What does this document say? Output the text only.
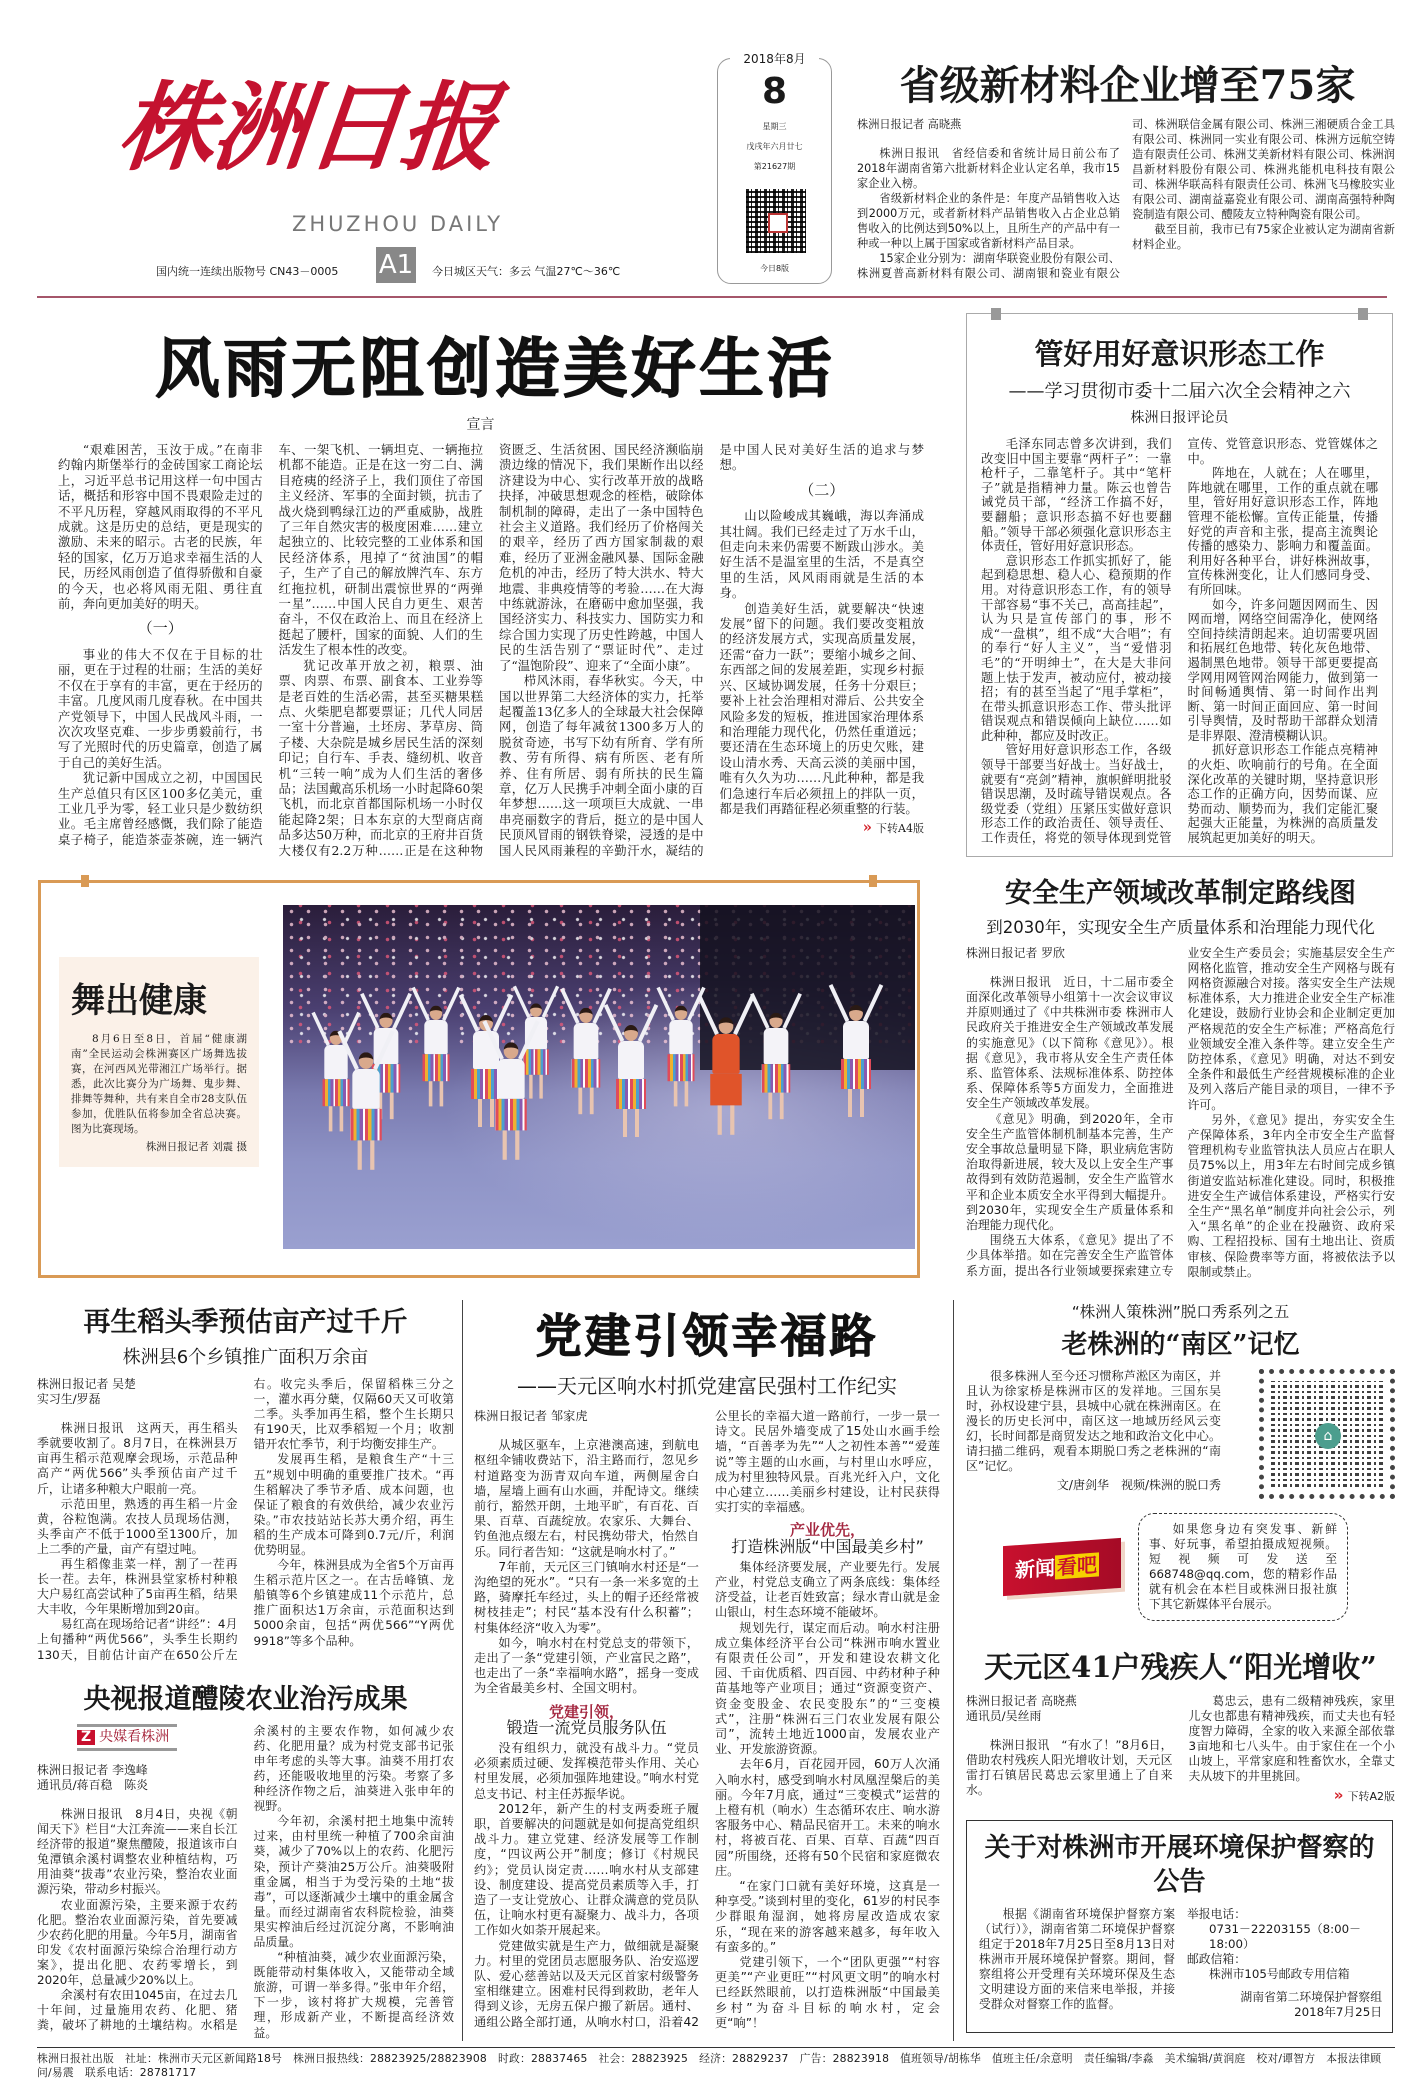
株洲日报
ZHUZHOU DAILY
国内统一连续出版物号 CN43－0005 A1 今日城区天气：多云 气温27℃～36℃
2018年8月
8
星期三
戊戌年六月廿七
第21627期
今日8版
省级新材料企业增至75家
株洲日报记者 高晓燕

株洲日报讯　省经信委和省统计局日前公布了2018年湖南省第六批新材料企业认定名单，我市15家企业入榜。

省级新材料企业的条件是：年度产品销售收入达到2000万元，或者新材料产品销售收入占企业总销售收入的比例达到50%以上，且所生产的产品中有一种或一种以上属于国家或省新材料产品目录。

15家企业分别为：湖南华联瓷业股份有限公司、株洲夏普高新材料有限公司、湖南银和瓷业有限公司、株洲联信金属有限公司、株洲三湘硬质合金工具有限公司、株洲同一实业有限公司、株洲方远航空铸造有限责任公司、株洲艾美新材料有限公司、株洲润昌新材料股份有限公司、株洲兆能机电科技有限公司、株洲华联高科有限责任公司、株洲飞马橡胶实业有限公司、湖南益嘉瓷业有限公司、湖南高强特种陶瓷制造有限公司、醴陵友立特种陶瓷有限公司。

截至目前，我市已有75家企业被认定为湖南省新材料企业。

风雨无阻创造美好生活
宣言

“艰难困苦，玉汝于成。”在南非约翰内斯堡举行的金砖国家工商论坛上，习近平总书记用这样一句中国古话，概括和形容中国不畏艰险走过的不平凡历程，穿越风雨取得的不平凡成就。这是历史的总结，更是现实的激励、未来的昭示。古老的民族，年轻的国家，亿万万追求幸福生活的人民，历经风雨创造了值得骄傲和自豪的今天，也必将风雨无阻、勇往直前，奔向更加美好的明天。

（一）

事业的伟大不仅在于目标的壮丽，更在于过程的壮丽；生活的美好不仅在于享有的丰富，更在于经历的丰富。几度风雨几度春秋。在中国共产党领导下，中国人民战风斗雨，一次次攻坚克难、一步步勇毅前行，书写了光照时代的历史篇章，创造了属于自己的美好生活。

犹记新中国成立之初，中国国民生产总值只有区区100多亿美元，重工业几乎为零，轻工业只是少数纺织业。毛主席曾经感慨，我们除了能造桌子椅子，能造茶壶茶碗，连一辆汽车、一架飞机、一辆坦克、一辆拖拉机都不能造。正是在这一穷二白、满目疮痍的经济子上，我们顶住了帝国主义经济、军事的全面封锁，抗击了战火烧到鸭绿江边的严重威胁，战胜了三年自然灾害的极度困难……建立起独立的、比较完整的工业体系和国民经济体系，甩掉了“贫油国”的帽子，生产了自己的解放牌汽车、东方红拖拉机，研制出震惊世界的“两弹一星”……中国人民自力更生、艰苦奋斗，不仅在政治上、而且在经济上挺起了腰杆，国家的面貌、人们的生活发生了根本性的改变。

犹记改革开放之初，粮票、油票、肉票、布票、副食本、工业券等是老百姓的生活必需，甚至买糖果糕点、火柴肥皂都要票证；几代人同居一室十分普遍，土坯房、茅草房、筒子楼、大杂院是城乡居民生活的深刻印记；自行车、手表、缝纫机、收音机“三转一响”成为人们生活的奢侈品；法国戴高乐机场一小时起降60架飞机，而北京首都国际机场一小时仅能起降2架；日本东京的大型商店商品多达50万种，而北京的王府井百货大楼仅有2.2万种……正是在这种物资匮乏、生活贫困、国民经济濒临崩溃边缘的情况下，我们果断作出以经济建设为中心、实行改革开放的战略抉择，冲破思想观念的桎梏，破除体制机制的障碍，走出了一条中国特色社会主义道路。我们经历了价格闯关的艰辛，经历了西方国家制裁的艰难，经历了亚洲金融风暴、国际金融危机的冲击，经历了特大洪水、特大地震、非典疫情等的考验……在大海中练就游泳，在磨砺中愈加坚强，我国经济实力、科技实力、国防实力和综合国力实现了历史性跨越，中国人民的生活告别了“票证时代”、走过了“温饱阶段”、迎来了“全面小康”。

栉风沐雨，春华秋实。今天，中国以世界第二大经济体的实力，托举起覆盖13亿多人的全球最大社会保障网，创造了每年减贫1300多万人的脱贫奇迹，书写下幼有所育、学有所教、劳有所得、病有所医、老有所养、住有所居、弱有所扶的民生篇章，亿万人民携手冲刺全面小康的百年梦想……这一项项巨大成就、一串串亮丽数字的背后，挺立的是中国人民顶风冒雨的钢铁脊梁，浸透的是中国人民风雨兼程的辛勤汗水，凝结的是中国人民对美好生活的追求与梦想。

（二）

山以险峻成其巍峨，海以奔涌成其壮阔。我们已经走过了万水千山，但走向未来仍需要不断跋山涉水。美好生活不是温室里的生活，不是真空里的生活，风风雨雨就是生活的本身。

创造美好生活，就要解决“快速发展”留下的问题。我们要改变粗放的经济发展方式，实现高质量发展，还需“奋力一跃”；要缩小城乡之间、东西部之间的发展差距，实现乡村振兴、区域协调发展，任务十分艰巨；要补上社会治理相对滞后、公共安全风险多发的短板，推进国家治理体系和治理能力现代化，仍然任重道远；要还清在生态环境上的历史欠账，建设山清水秀、天高云淡的美丽中国，唯有久久为功……凡此种种，都是我们急速行车后必须扭上的拌队一页，都是我们再踏征程必须重整的行装。

» 下转A4版
舞出健康
8月6日至8日，首届“健康湖南”全民运动会株洲赛区广场舞选拔赛，在河西风光带湘江广场举行。据悉，此次比赛分为广场舞、鬼步舞、排舞等舞种，共有来自全市28支队伍参加，优胜队伍将参加全省总决赛。图为比赛现场。
株洲日报记者 刘震 摄
再生稻头季预估亩产过千斤
株洲县6个乡镇推广面积万余亩
株洲日报记者 吴楚
实习生/罗磊

株洲日报讯　这两天，再生稻头季就要收割了。8月7日，在株洲县万亩再生稻示范观摩会现场，示范品种高产“两优566”头季预估亩产过千斤，让诸多种粮大户眼前一亮。

示范田里，熟透的再生稻一片金黄，谷粒饱满。农技人员现场估测，头季亩产不低于1000至1300斤，加上二季的产量，亩产有望过吨。

再生稻像韭菜一样，割了一茬再长一茬。去年，株洲县堂家桥村种粮大户易红高尝试种了5亩再生稻，结果大丰收，今年果断增加到20亩。

易红高在现场给记者“讲经”：4月上旬播种“两优566”，头季生长期约130天，目前估计亩产在650公斤左右。收完头季后，保留稻株三分之一，灌水再分蘖，仅隔60天又可收第二季。头季加再生稻，整个生长期只有190天，比双季稻短一个月；收割错开农忙季节，利于均衡安排生产。

发展再生稻，是粮食生产“十三五”规划中明确的重要推广技术。“再生稻解决了季节矛盾、成本问题，也保证了粮食的有效供给，减少农业污染。”市农技站站长苏大勇介绍，再生稻的生产成本可降到0.7元/斤，利润优势明显。

今年，株洲县成为全省5个万亩再生稻示范片区之一。在古岳峰镇、龙船镇等6个乡镇建成11个示范片，总推广面积达1万余亩，示范面积达到5000余亩，包括“两优566”“Y两优9918”等多个品种。

央视报道醴陵农业治污成果
Z 央媒看株洲
株洲日报记者 李逸峰
通讯员/蒋百稳　陈炎

株洲日报讯　8月4日，央视《朝闻天下》栏目“大江奔流——来自长江经济带的报道”聚焦醴陵，报道该市白兔潭镇余溪村调整农业种植结构，巧用油葵“拔毒”农业污染，整治农业面源污染，带动乡村振兴。

农业面源污染，主要来源于农药化肥。整治农业面源污染，首先要减少农药化肥的用量。今年5月，湖南省印发《农村面源污染综合治理行动方案》，提出化肥、农药零增长，到2020年，总量减少20%以上。

余溪村有农田1045亩，在过去几十年间，过量施用农药、化肥、猪粪，破坏了耕地的土壤结构。水稻是余溪村的主要农作物，如何减少农药、化肥用量？成为村党支部书记张申年考虑的头等大事。油葵不用打农药，还能吸收地里的污染。考察了多种经济作物之后，油葵进入张申年的视野。

今年初，余溪村把土地集中流转过来，由村里统一种植了700余亩油葵，减少了70%以上的农药、化肥污染，预计产葵油25万公斤。油葵吸附重金属，相当于为受污染的土地“拔毒”，可以逐渐减少土壤中的重金属含量。而经过湖南省农科院检验，油葵果实榨油后经过沉淀分离，不影响油品质量。

“种植油葵，减少农业面源污染，既能带动村集体收入，又能带动全域旅游，可谓一举多得。”张申年介绍，下一步，该村将扩大规模，完善管理，形成新产业，不断提高经济效益。

党建引领幸福路
——天元区响水村抓党建富民强村工作纪实
株洲日报记者 邹家虎

从城区驱车，上京港澳高速，到航电枢纽伞铺收费站下，沿主路而行，忽见乡村道路变为沥青双向车道，两侧屋舍白墙，屋墙上画有山水画，并配诗文。继续前行，豁然开朗，土地平旷，有百花、百果、百草、百蔬绽放。农家乐、大舞台、钓鱼池点缀左右，村民携幼带犬，怡然自乐。同行者告知：“这就是响水村了。”

7年前，天元区三门镇响水村还是“一沟绝望的死水”。“只有一条一米多宽的土路，骑摩托车经过，头上的帽子还经常被树枝挂走”；村民“基本没有什么积蓄”；村集体经济“收入为零”。

如今，响水村在村党总支的带领下，走出了一条“党建引领，产业富民之路”，也走出了一条“幸福响水路”，摇身一变成为全省最美乡村、全国文明村。

党建引领，
锻造一流党员服务队伍

没有组织力，就没有战斗力。“党员必须素质过硬、发挥模范带头作用、关心村里发展，必须加强阵地建设。”响水村党总支书记、村主任苏振华说。

2012年，新产生的村支两委班子履职，首要解决的问题就是如何提高党组织战斗力。建立党建、经济发展等工作制度，“四议两公开”制度；修订《村规民约》；党员认岗定责……响水村从支部建设、制度建设、提高党员素质等入手，打造了一支让党放心、让群众满意的党员队伍，让响水村更有凝聚力、战斗力，各项工作如火如荼开展起来。

党建做实就是生产力，做细就是凝聚力。村里的党团员志愿服务队、治安巡逻队、爱心慈善站以及天元区首家村级警务室相继建立。困难村民得到救助，老年人得到义诊，无房五保户搬了新居。通村、通组公路全部打通，从响水村口，沿着42公里长的幸福大道一路前行，一步一景一诗文。民居外墙变成了15处山水画手绘墙，“百善孝为先”“人之初性本善”“爱莲说”等主题的山水画，与村里山水呼应，成为村里独特风景。百兆光纤入户，文化中心建立……美丽乡村建设，让村民获得实打实的幸福感。

产业优先，
打造株洲版“中国最美乡村”

集体经济要发展，产业要先行。发展产业，村党总支确立了两条底线：集体经济受益，让老百姓致富；绿水青山就是金山银山，村生态环境不能破坏。

规划先行，谋定而后动。响水村注册成立集体经济平台公司“株洲市响水置业有限责任公司”，开发和建设农耕文化园、千亩优质稻、四百园、中药材种子种苗基地等产业项目；通过“资源变资产、资金变股金、农民变股东”的“三变模式”，注册“株洲石三门农业发展有限公司”，流转土地近1000亩，发展农业产业、开发旅游资源。

去年6月，百花园开园，60万人次涌入响水村，感受到响水村凤凰涅槃后的美丽。今年7月底，通过“三变模式”运营的上橙有机（响水）生态循环农庄、响水游客服务中心、精品民宿开工。未来的响水村，将被百花、百果、百草、百蔬“四百园”所围绕，还将有50个民宿和家庭微农庄。

“在家门口就有美好环境，这真是一种享受。”谈到村里的变化，61岁的村民李少群眼角湿润，她将房屋改造成农家乐，“现在来的游客越来越多，每年收入有蛮多的。”

党建引领下，一个“团队更强”“村容更美”“产业更旺”“村风更文明”的响水村已经跃然眼前，以打造株洲版“中国最美乡村”为奋斗目标的响水村，定会更“响”！

管好用好意识形态工作
——学习贯彻市委十二届六次全会精神之六
株洲日报评论员

毛泽东同志曾多次讲到，我们改变旧中国主要靠“两杆子”：一靠枪杆子，二靠笔杆子。其中“笔杆子”就是指精神力量。陈云也曾告诫党员干部，“经济工作搞不好，要翻船；意识形态搞不好也要翻船。”领导干部必须强化意识形态主体责任，管好用好意识形态。

意识形态工作抓实抓好了，能起到稳思想、稳人心、稳预期的作用。对待意识形态工作，有的领导干部容易“事不关己，高高挂起”，认为只是宣传部门的事，形不成“一盘棋”，组不成“大合唱”；有的奉行“好人主义”，当“爱惜羽毛”的“开明绅士”，在大是大非问题上怯于发声，被动应付，被动接招；有的甚至当起了“甩手掌柜”，在带头抓意识形态工作、带头批评错误观点和错误倾向上缺位……如此种种，都应及时改正。

管好用好意识形态工作，各级领导干部要当好战士。当好战士，就要有“亮剑”精神，旗帜鲜明批驳错误思潮，及时疏导错误观点。各级党委（党组）压紧压实做好意识形态工作的政治责任、领导责任、工作责任，将党的领导体现到党管宣传、党管意识形态、党管媒体之中。

阵地在，人就在；人在哪里，阵地就在哪里，工作的重点就在哪里，管好用好意识形态工作，阵地管理不能松懈。宣传正能量，传播好党的声音和主张，提高主流舆论传播的感染力、影响力和覆盖面。利用好各种平台，讲好株洲故事，宣传株洲变化，让人们感同身受、有所回味。

如今，许多问题因网而生、因网而增，网络空间需净化，使网络空间持续清朗起来。迫切需要巩固和拓展红色地带、转化灰色地带、遏制黑色地带。领导干部更要提高学网用网管网治网能力，做到第一时间畅通舆情、第一时间作出判断、第一时间正面回应、第一时间引导舆情，及时帮助干部群众划清是非界限、澄清模糊认识。

抓好意识形态工作能点亮精神的火炬、吹响前行的号角。在全面深化改革的关键时期，坚持意识形态工作的正确方向，因势而谋、应势而动、顺势而为，我们定能汇聚起强大正能量，为株洲的高质量发展筑起更加美好的明天。

安全生产领域改革制定路线图
到2030年，实现安全生产质量体系和治理能力现代化
株洲日报记者 罗欣

株洲日报讯　近日，十二届市委全面深化改革领导小组第十一次会议审议并原则通过了《中共株洲市委 株洲市人民政府关于推进安全生产领域改革发展的实施意见》（以下简称《意见》）。根据《意见》，我市将从安全生产责任体系、监管体系、法规标准体系、防控体系、保障体系等5方面发力，全面推进安全生产领域改革发展。

《意见》明确，到2020年，全市安全生产监管体制机制基本完善，生产安全事故总量明显下降，职业病危害防治取得新进展，较大及以上安全生产事故得到有效防范遏制，安全生产监管水平和企业本质安全水平得到大幅提升。到2030年，实现安全生产质量体系和治理能力现代化。

围绕五大体系，《意见》提出了不少具体举措。如在完善安全生产监管体系方面，提出各行业领域要探索建立专业安全生产委员会；实施基层安全生产网格化监管，推动安全生产网格与既有网格资源融合对接。落实安全生产法规标准体系，大力推进企业安全生产标准化建设，鼓励行业协会和企业制定更加严格规范的安全生产标准；严格高危行业领域安全准入条件等。建立安全生产防控体系，《意见》明确，对达不到安全条件和最低生产经营规模标准的企业及列入落后产能目录的项目，一律不予许可。

另外，《意见》提出，夯实安全生产保障体系，3年内全市安全生产监督管理机构专业监管执法人员应占在职人员75%以上，用3年左右时间完成乡镇街道安监站标准化建设。同时，积极推进安全生产诚信体系建设，严格实行安全生产“黑名单”制度并向社会公示，列入“黑名单”的企业在投融资、政府采购、工程招投标、国有土地出让、资质审核、保险费率等方面，将被依法予以限制或禁止。

“株洲人策株洲”脱口秀系列之五
老株洲的“南区”记忆

很多株洲人至今还习惯称芦淞区为南区，并且认为徐家桥是株洲市区的发祥地。三国东吴时，孙权设建宁县，县城中心就在株洲南区。在漫长的历史长河中，南区这一地域历经风云变幻，长时间都是商贸发达之地和政治文化中心。请扫描二维码，观看本期脱口秀之老株洲的“南区”记忆。

文/唐剑华　视频/株洲的脱口秀
⌂
新闻 看吧
如果您身边有突发事、新鲜事、好玩事，希望拍摄成短视频。短视频可发送至668748@qq.com，您的精彩作品就有机会在本栏目或株洲日报社旗下其它新媒体平台展示。
天元区41户残疾人“阳光增收”
株洲日报记者 高晓燕
通讯员/吴丝雨

株洲日报讯　“有水了！”8月6日，借助农村残疾人阳光增收计划，天元区雷打石镇居民葛忠云家里通上了自来水。

葛忠云，患有二级精神残疾，家里儿女也都患有精神残疾，而丈夫也有轻度智力障碍，全家的收入来源全部依靠3亩地和七八头牛。由于家住在一个小山坡上，平常家庭和牲畜饮水，全靠丈夫从坡下的井里挑回。

» 下转A2版
关于对株洲市开展环境保护督察的公告
根据《湖南省环境保护督察方案（试行）》，湖南省第二环境保护督察组定于2018年7月25日至8月13日对株洲市开展环境保护督察。期间，督察组将公开受理有关环境环保及生态文明建设方面的来信来电举报，并接受群众对督察工作的监督。
举报电话：
0731－22203155（8:00－18:00）
邮政信箱：
株洲市105号邮政专用信箱
湖南省第二环境保护督察组
2018年7月25日
株洲日报社出版　社址：株洲市天元区新闻路18号　株洲日报热线：28823925/28823908　时政：28837465　社会：28823925　经济：28829237　广告：28823918　值班领导/胡栋华　值班主任/余意明　责任编辑/李淼　美术编辑/黄润庭　校对/谭智方　本报法律顾问/易震　联系电话：28781717
